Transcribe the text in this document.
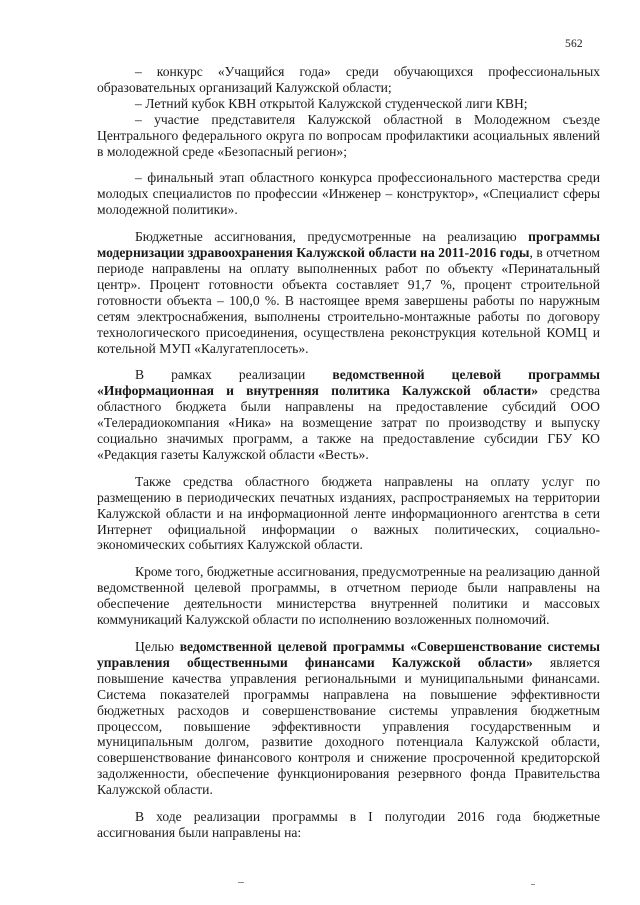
562

– конкурс «Учащийся года» среди обучающихся профессиональных образовательных организаций Калужской области;

– Летний кубок КВН открытой Калужской студенческой лиги КВН;

– участие представителя Калужской областной в Молодежном съезде Центрального федерального округа по вопросам профилактики асоциальных явлений в молодежной среде «Безопасный регион»;

– финальный этап областного конкурса профессионального мастерства среди молодых специалистов по профессии «Инженер – конструктор», «Специалист сферы молодежной политики».

Бюджетные ассигнования, предусмотренные на реализацию программы модернизации здравоохранения Калужской области на 2011-2016 годы, в отчетном периоде направлены на оплату выполненных работ по объекту «Перинатальный центр». Процент готовности объекта составляет 91,7 %, процент строительной готовности объекта – 100,0 %. В настоящее время завершены работы по наружным сетям электроснабжения, выполнены строительно-монтажные работы по договору технологического присоединения, осуществлена реконструкция котельной КОМЦ и котельной МУП «Калугатеплосеть».

В рамках реализации ведомственной целевой программы «Информационная и внутренняя политика Калужской области» средства областного бюджета были направлены на предоставление субсидий ООО «Телерадиокомпания «Ника» на возмещение затрат по производству и выпуску социально значимых программ, а также на предоставление субсидии ГБУ КО «Редакция газеты Калужской области «Весть».

Также средства областного бюджета направлены на оплату услуг по размещению в периодических печатных изданиях, распространяемых на территории Калужской области и на информационной ленте информационного агентства в сети Интернет официальной информации о важных политических, социально-экономических событиях Калужской области.

Кроме того, бюджетные ассигнования, предусмотренные на реализацию данной ведомственной целевой программы, в отчетном периоде были направлены на обеспечение деятельности министерства внутренней политики и массовых коммуникаций Калужской области по исполнению возложенных полномочий.

Целью ведомственной целевой программы «Совершенствование системы управления общественными финансами Калужской области» является повышение качества управления региональными и муниципальными финансами. Система показателей программы направлена на повышение эффективности бюджетных расходов и совершенствование системы управления бюджетным процессом, повышение эффективности управления государственным и муниципальным долгом, развитие доходного потенциала Калужской области, совершенствование финансового контроля и снижение просроченной кредиторской задолженности, обеспечение функционирования резервного фонда Правительства Калужской области.

В ходе реализации программы в I полугодии 2016 года бюджетные ассигнования были направлены на:
